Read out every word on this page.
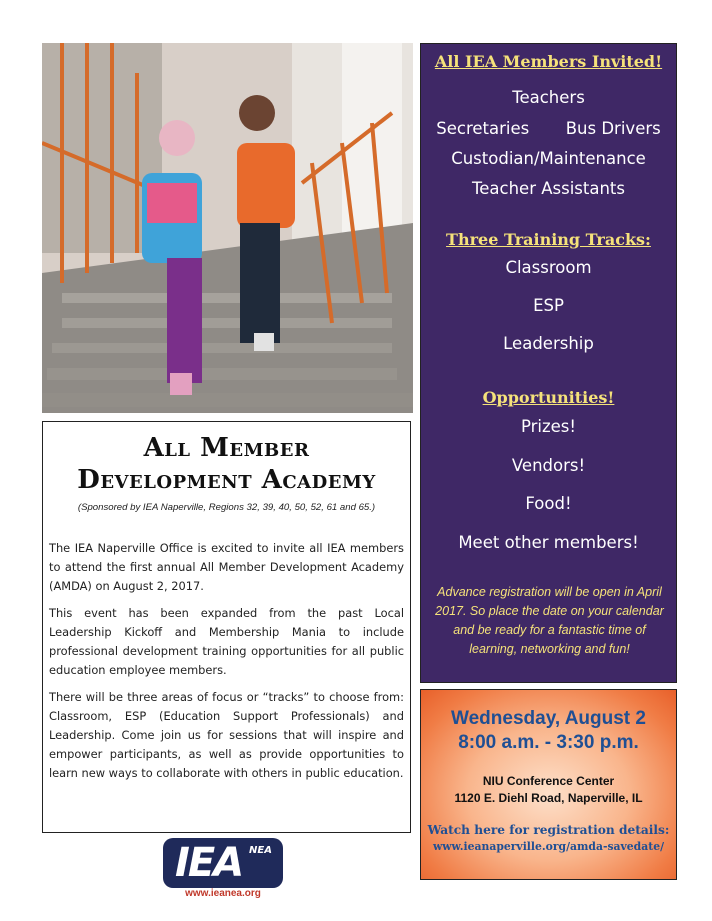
All Member
Development Academy
(Sponsored by IEA Naperville, Regions 32, 39, 40, 50, 52, 61 and 65.)

The IEA Naperville Office is excited to invite all IEA members to attend the first annual All Member Development Academy (AMDA) on August 2, 2017.

This event has been expanded from the past Local Leadership Kickoff and Membership Mania to include professional development training opportunities for all public education employee members.

There will be three areas of focus or “tracks” to choose from: Classroom, ESP (Education Support Professionals) and Leadership. Come join us for sessions that will inspire and empower participants, as well as provide opportunities to learn new ways to collaborate with others in public education.

IEA NEA
www.ieanea.org
All IEA Members Invited!
Teachers
Secretaries Bus Drivers
Custodian/Maintenance
Teacher Assistants
Three Training Tracks:
Classroom
ESP
Leadership
Opportunities!
Prizes!
Vendors!
Food!
Meet other members!
Advance registration will be open in April 2017. So place the date on your calendar and be ready for a fantastic time of learning, networking and fun!
Wednesday, August 2
8:00 a.m. - 3:30 p.m.
NIU Conference Center
1120 E. Diehl Road, Naperville, IL
Watch here for registration details:
www.ieanaperville.org/amda-savedate/
